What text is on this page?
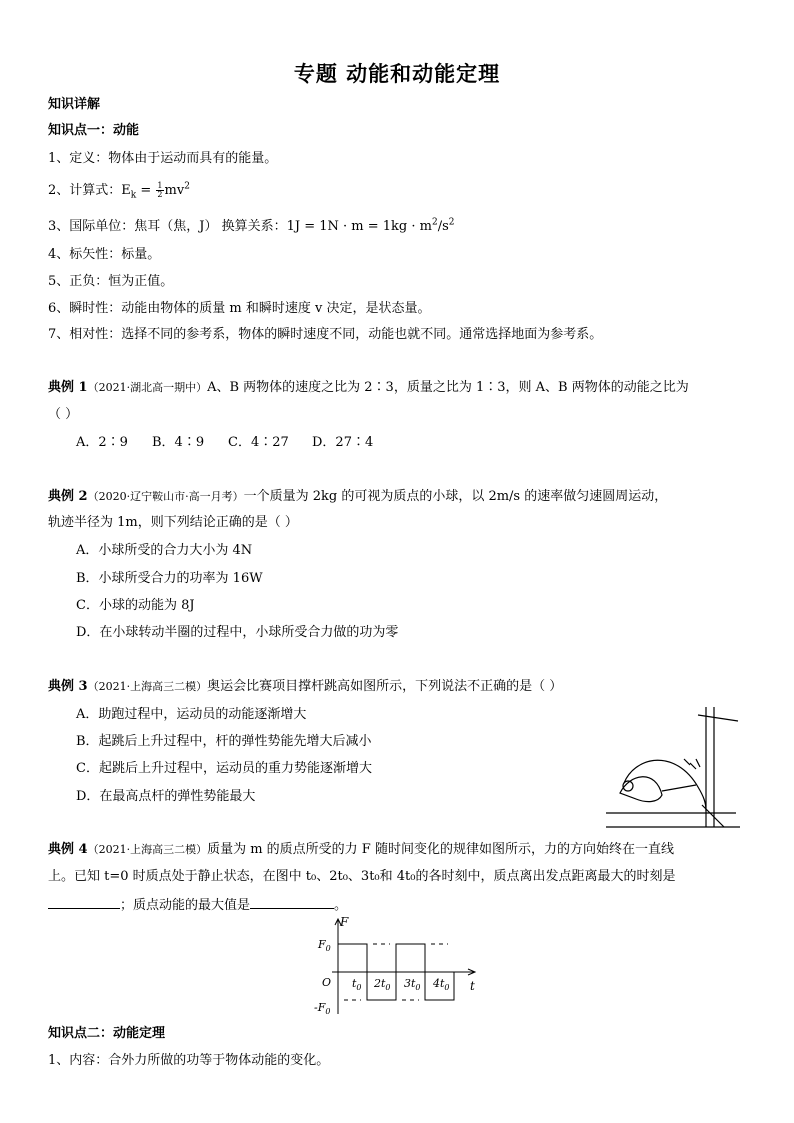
专题 动能和动能定理
知识详解
知识点一：动能
1、定义：物体由于运动而具有的能量。
2、计算式：$E_k = \frac{1}{2} mv^2$
3、国际单位：焦耳（焦，J） 换算关系：$1J = 1N \cdot m = 1kg \cdot m^2/s^2$
4、标矢性：标量。
5、正负：恒为正值。
6、瞬时性：动能由物体的质量 m 和瞬时速度 v 决定，是状态量。
7、相对性：选择不同的参考系，物体的瞬时速度不同，动能也就不同。通常选择地面为参考系。
典例 1（2021·湖北高一期中）A、B 两物体的速度之比为 2∶3，质量之比为 1∶3，则 A、B 两物体的动能之比为
（ ）
A．2∶9 B．4∶9 C．4∶27 D．27∶4
典例 2（2020·辽宁鞍山市·高一月考）一个质量为 2kg 的可视为质点的小球，以 2m/s 的速率做匀速圆周运动，
轨迹半径为 1m，则下列结论正确的是（ ）
A．小球所受的合力大小为 4N
B．小球所受合力的功率为 16W
C．小球的动能为 8J
D．在小球转动半圈的过程中，小球所受合力做的功为零
典例 3（2021·上海高三二模）奥运会比赛项目撑杆跳高如图所示，下列说法不正确的是（ ）
A．助跑过程中，运动员的动能逐渐增大
B．起跳后上升过程中，杆的弹性势能先增大后减小
C．起跳后上升过程中，运动员的重力势能逐渐增大
D．在最高点杆的弹性势能最大
典例 4（2021·上海高三二模）质量为 m 的质点所受的力 F 随时间变化的规律如图所示，力的方向始终在一直线
上。已知 t=0 时质点处于静止状态，在图中 t₀、2t₀、3t₀和 4t₀的各时刻中，质点离出发点距离最大的时刻是
；质点动能的最大值是	。
F
t
O
$F_0$
$-F_0$
$t_0$ $2t_0$ $3t_0$ $4t_0$
知识点二：动能定理
1、内容：合外力所做的功等于物体动能的变化。
